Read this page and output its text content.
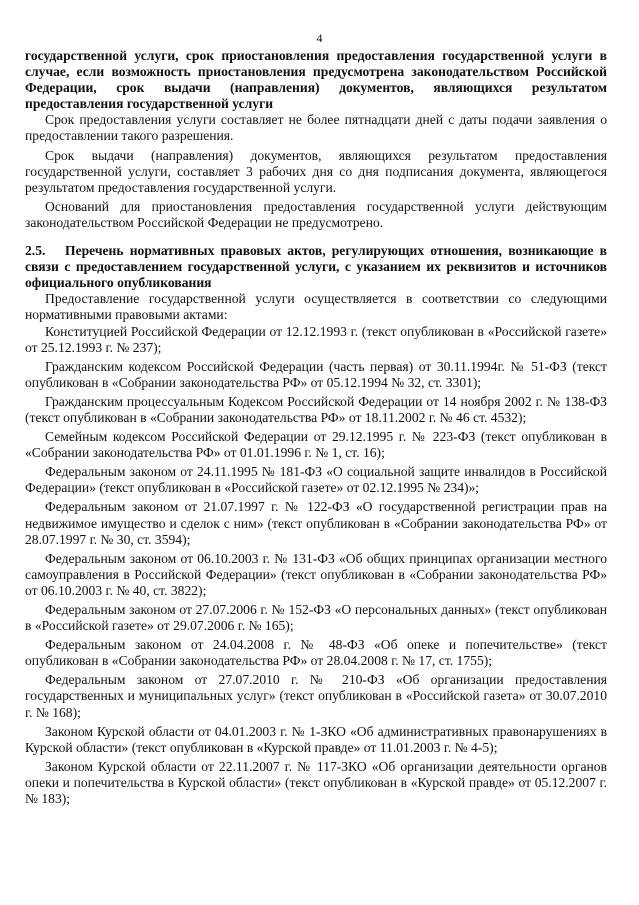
4

государственной услуги, срок приостановления предоставления государственной услуги в случае, если возможность приостановления предусмотрена законодательством Российской Федерации, срок выдачи (направления) документов, являющихся результатом предоставления государственной услуги

Срок предоставления услуги составляет не более пятнадцати дней с даты подачи заявления о предоставлении такого разрешения.

Срок выдачи (направления) документов, являющихся результатом предоставления государственной услуги, составляет 3 рабочих дня со дня подписания документа, являющегося результатом предоставления государственной услуги.

Оснований для приостановления предоставления государственной услуги действующим законодательством Российской Федерации не предусмотрено.

2.5. Перечень нормативных правовых актов, регулирующих отношения, возникающие в связи с предоставлением государственной услуги, с указанием их реквизитов и источников официального опубликования

Предоставление государственной услуги осуществляется в соответствии со следующими нормативными правовыми актами:

Конституцией Российской Федерации от 12.12.1993 г. (текст опубликован в «Российской газете» от 25.12.1993 г. № 237);

Гражданским кодексом Российской Федерации (часть первая) от 30.11.1994г. № 51-ФЗ (текст опубликован в «Собрании законодательства РФ» от 05.12.1994 № 32, ст. 3301);

Гражданским процессуальным Кодексом Российской Федерации от 14 ноября 2002 г. № 138-ФЗ (текст опубликован в «Собрании законодательства РФ» от 18.11.2002 г. № 46 ст. 4532);

Семейным кодексом Российской Федерации от 29.12.1995 г. № 223-ФЗ (текст опубликован в «Собрании законодательства РФ» от 01.01.1996 г. № 1, ст. 16);

Федеральным законом от 24.11.1995 № 181-ФЗ «О социальной защите инвалидов в Российской Федерации» (текст опубликован в «Российской газете» от 02.12.1995 № 234)»;

Федеральным законом от 21.07.1997 г. № 122-ФЗ «О государственной регистрации прав на недвижимое имущество и сделок с ним» (текст опубликован в «Собрании законодательства РФ» от 28.07.1997 г. № 30, ст. 3594);

Федеральным законом от 06.10.2003 г. № 131-ФЗ «Об общих принципах организации местного самоуправления в Российской Федерации» (текст опубликован в «Собрании законодательства РФ» от 06.10.2003 г. № 40, ст. 3822);

Федеральным законом от 27.07.2006 г. № 152-ФЗ «О персональных данных» (текст опубликован в «Российской газете» от 29.07.2006 г. № 165);

Федеральным законом от 24.04.2008 г. № 48-ФЗ «Об опеке и попечительстве» (текст опубликован в «Собрании законодательства РФ» от 28.04.2008 г. № 17, ст. 1755);

Федеральным законом от 27.07.2010 г. № 210-ФЗ «Об организации предоставления государственных и муниципальных услуг» (текст опубликован в «Российской газета» от 30.07.2010 г. № 168);

Законом Курской области от 04.01.2003 г. № 1-ЗКО «Об административных правонарушениях в Курской области» (текст опубликован в «Курской правде» от 11.01.2003 г. № 4-5);

Законом Курской области от 22.11.2007 г. № 117-ЗКО «Об организации деятельности органов опеки и попечительства в Курской области» (текст опубликован в «Курской правде» от 05.12.2007 г. № 183);
